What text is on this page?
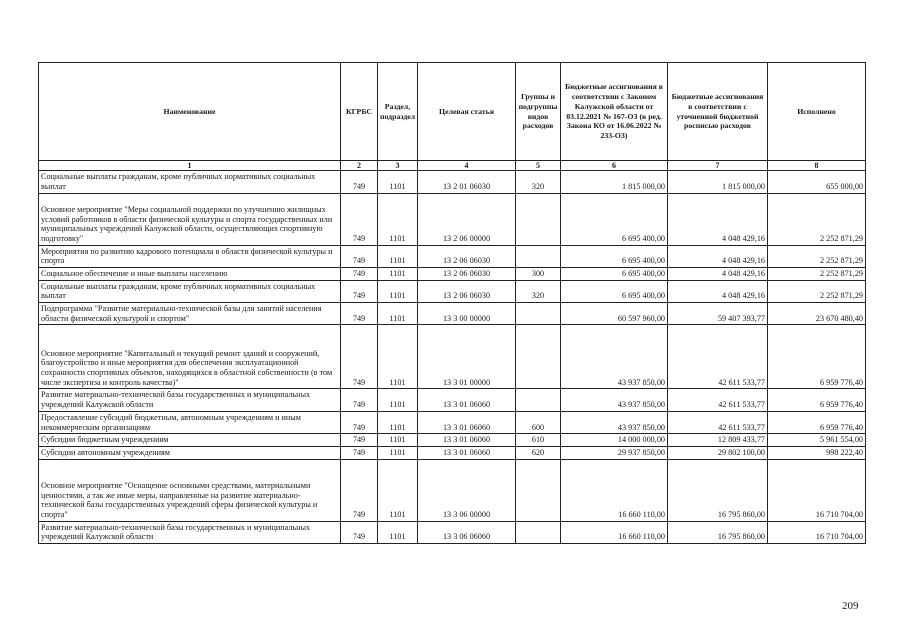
Наименование	КГРБС	Раздел, подраздел	Целевая статья	Группы и подгруппы видов расходов	Бюджетные ассигнования в соответствии с Законом Калужской области от 03.12.2021 № 167-ОЗ (в ред. Закона КО от 16.06.2022 № 233-ОЗ)	Бюджетные ассигнования в соответствии с уточненной бюджетной росписью расходов	Исполнено
1	2	3	4	5	6	7	8
Социальные выплаты гражданам, кроме публичных нормативных социальных выплат	749	1101	13 2 01 06030	320	1 815 000,00	1 815 000,00	655 000,00
Основное мероприятие "Меры социальной поддержки по улучшению жилищных условий работников в области физической культуры и спорта государственных или муниципальных учреждений Калужской области, осуществляющих спортивную подготовку"	749	1101	13 2 06 00000		6 695 400,00	4 048 429,16	2 252 871,29
Мероприятия по развитию кадрового потенциала в области физической культуры и спорта	749	1101	13 2 06 06030		6 695 400,00	4 048 429,16	2 252 871,29
Социальное обеспечение и иные выплаты населению	749	1101	13 2 06 06030	300	6 695 400,00	4 048 429,16	2 252 871,29
Социальные выплаты гражданам, кроме публичных нормативных социальных выплат	749	1101	13 2 06 06030	320	6 695 400,00	4 048 429,16	2 252 871,29
Подпрограмма "Развитие материально-технической базы для занятий населения области физической культурой и спортом"	749	1101	13 3 00 00000		60 597 960,00	59 407 393,77	23 670 480,40
Основное мероприятие "Капитальный и текущий ремонт зданий и сооружений, благоустройство и иные мероприятия для обеспечения эксплуатационной сохранности спортивных объектов, находящихся в областной собственности (в том числе экспертиза и контроль качества)"	749	1101	13 3 01 00000		43 937 850,00	42 611 533,77	6 959 776,40
Развитие материально-технической базы государственных и муниципальных учреждений Калужской области	749	1101	13 3 01 06060		43 937 850,00	42 611 533,77	6 959 776,40
Предоставление субсидий бюджетным, автономным учреждениям и иным некоммерческим организациям	749	1101	13 3 01 06060	600	43 937 850,00	42 611 533,77	6 959 776,40
Субсидии бюджетным учреждениям	749	1101	13 3 01 06060	610	14 000 000,00	12 809 433,77	5 961 554,00
Субсидии автономным учреждениям	749	1101	13 3 01 06060	620	29 937 850,00	29 802 100,00	998 222,40
Основное мероприятие "Оснащение основными средствами, материальными ценностями, а так же иные меры, направленные на развитие материально-технической базы государственных учреждений сферы физической культуры и спорта"	749	1101	13 3 06 00000		16 660 110,00	16 795 860,00	16 710 704,00
Развитие материально-технической базы государственных и муниципальных учреждений Калужской области	749	1101	13 3 06 06060		16 660 110,00	16 795 860,00	16 710 704,00
209
